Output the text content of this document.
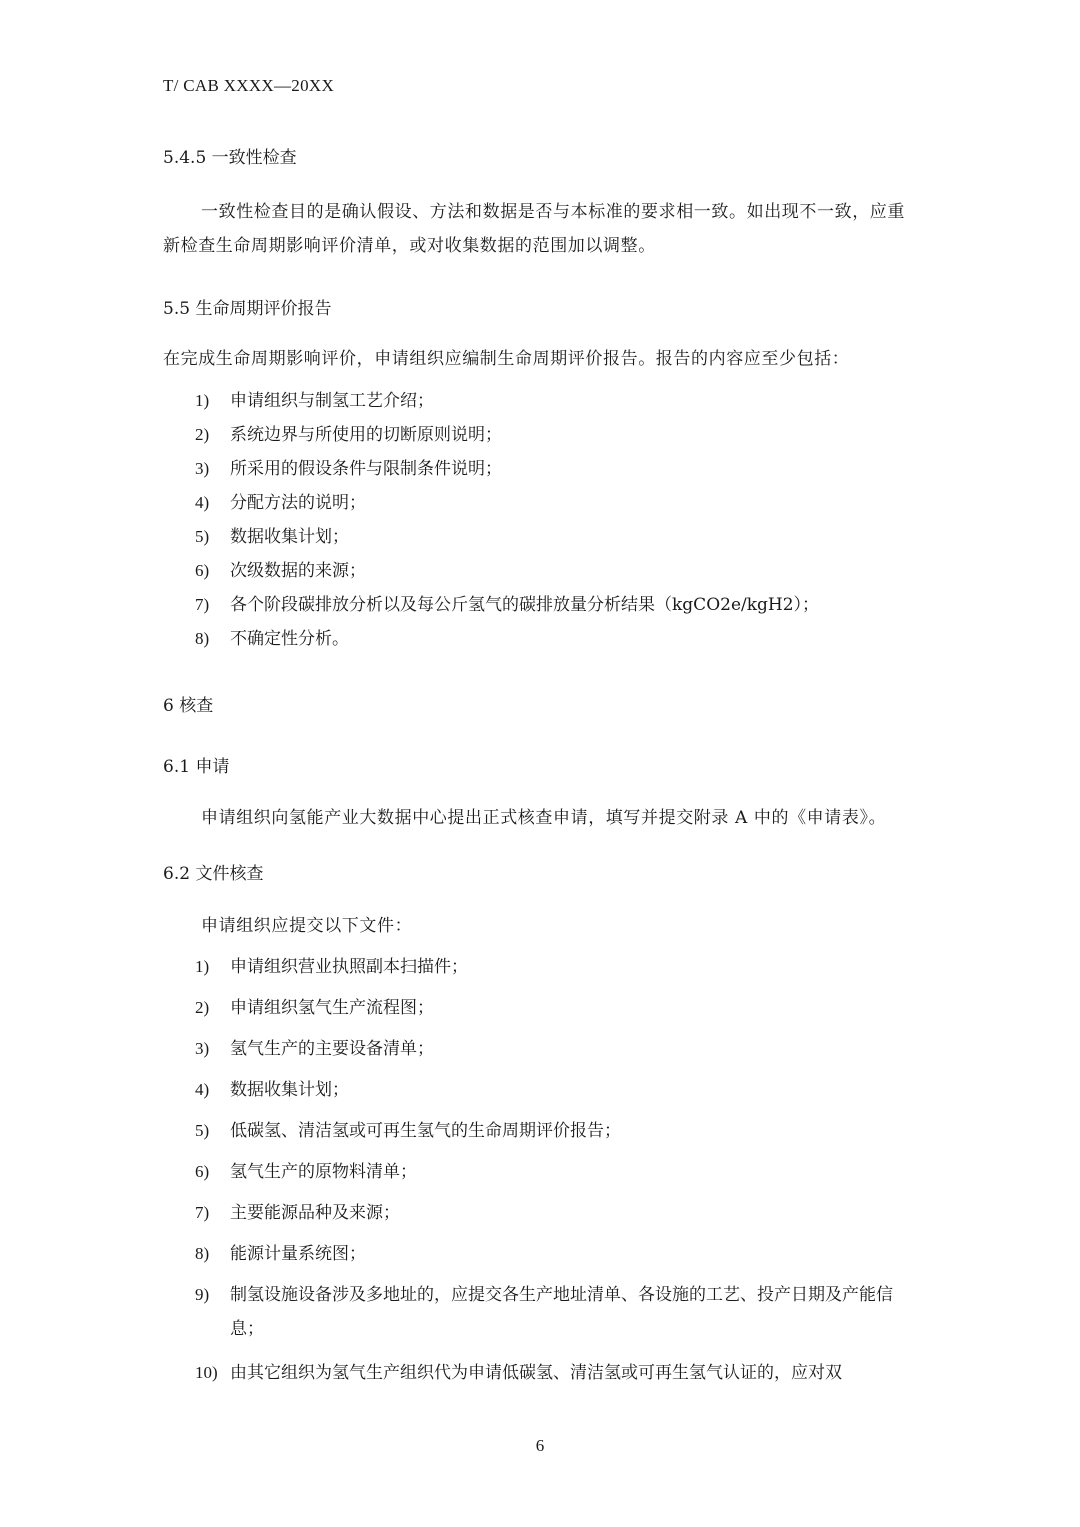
T/ CAB XXXX—20XX
5.4.5 一致性检查
一致性检查目的是确认假设、方法和数据是否与本标准的要求相一致。如出现不一致，应重新检查生命周期影响评价清单，或对收集数据的范围加以调整。
5.5 生命周期评价报告
在完成生命周期影响评价，申请组织应编制生命周期评价报告。报告的内容应至少包括：
1) 申请组织与制氢工艺介绍；
2) 系统边界与所使用的切断原则说明；
3) 所采用的假设条件与限制条件说明；
4) 分配方法的说明；
5) 数据收集计划；
6) 次级数据的来源；
7) 各个阶段碳排放分析以及每公斤氢气的碳排放量分析结果（kgCO2e/kgH2）；
8) 不确定性分析。
6 核查
6.1 申请
申请组织向氢能产业大数据中心提出正式核查申请，填写并提交附录 A 中的《申请表》。
6.2 文件核查
申请组织应提交以下文件：
1) 申请组织营业执照副本扫描件；
2) 申请组织氢气生产流程图；
3) 氢气生产的主要设备清单；
4) 数据收集计划；
5) 低碳氢、清洁氢或可再生氢气的生命周期评价报告；
6) 氢气生产的原物料清单；
7) 主要能源品种及来源；
8) 能源计量系统图；
9) 制氢设施设备涉及多地址的，应提交各生产地址清单、各设施的工艺、投产日期及产能信息；
10) 由其它组织为氢气生产组织代为申请低碳氢、清洁氢或可再生氢气认证的，应对双
6
